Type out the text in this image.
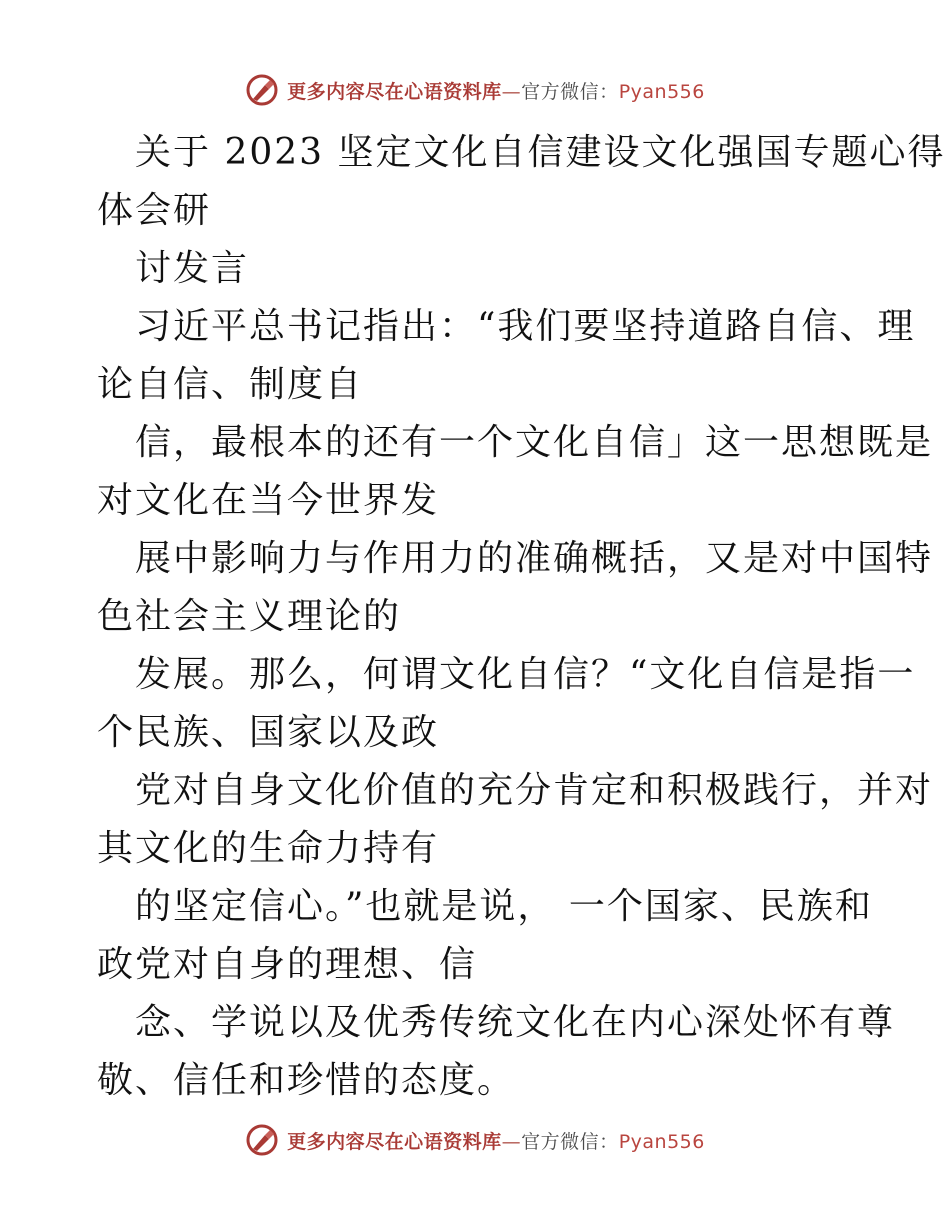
更多内容尽在心语资料库—官方微信：Pyan556
关于 2023 坚定文化自信建设文化强国专题心得
体会研
讨发言
习近平总书记指出：“我们要坚持道路自信、理
论自信、制度自
信，最根本的还有一个文化自信」这一思想既是
对文化在当今世界发
展中影响力与作用力的准确概括，又是对中国特
色社会主义理论的
发展。那么，何谓文化自信？“文化自信是指一
个民族、国家以及政
党对自身文化价值的充分肯定和积极践行，并对
其文化的生命力持有
的坚定信心。”也就是说， 一个国家、民族和
政党对自身的理想、信
念、学说以及优秀传统文化在内心深处怀有尊
敬、信任和珍惜的态度。
更多内容尽在心语资料库—官方微信：Pyan556
